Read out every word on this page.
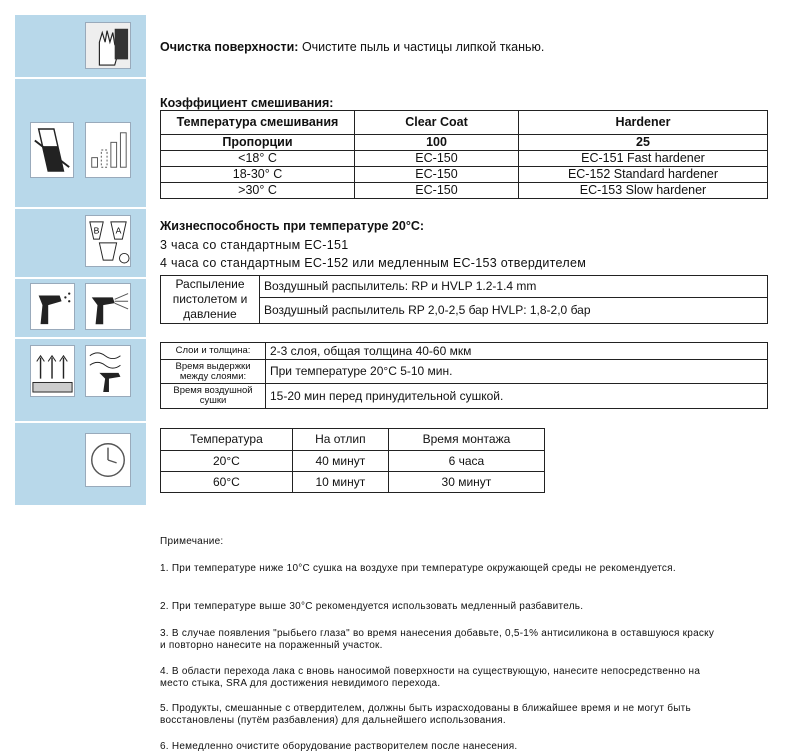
B A
Очистка поверхности: Очистите пыль и частицы липкой тканью.
Коэффициент смешивания:
Температура смешивания	Clear Coat	Hardener
Пропорции	100	25
<18° C	EC-150	EC-151 Fast hardener
18-30° C	EC-150	EC-152 Standard hardener
>30° C	EC-150	EC-153 Slow hardener
Жизнеспособность при температуре 20°C:
3 часа со стандартным EC-151
4 часа со стандартным EC-152 или медленным EC-153 отвердителем
Распыление пистолетом и давление	Воздушный распылитель: RP и HVLP 1.2-1.4 mm
Воздушный распылитель RP 2,0-2,5 бар HVLP: 1,8-2,0 бар
Слои и толщина:	2-3 слоя, общая толщина 40-60 мкм
Время выдержки между слоями:	При температуре 20°C 5-10 мин.
Время воздушной сушки	15-20 мин перед принудительной сушкой.
Температура	На отлип	Время монтажа
20°C	40 минут	6 часа
60°C	10 минут	30 минут
Примечание:
1. При температуре ниже 10°C сушка на воздухе при температуре окружающей среды не рекомендуется.
2. При температуре выше 30°C рекомендуется использовать медленный разбавитель.
3. В случае появления "рыбьего глаза" во время нанесения добавьте, 0,5-1% антисиликона в оставшуюся краску и повторно нанесите на пораженный участок.
4. В области перехода лака с вновь наносимой поверхности на существующую, нанесите непосредственно на место стыка, SRA для достижения невидимого перехода.
5. Продукты, смешанные с отвердителем, должны быть израсходованы в ближайшее время и не могут быть восстановлены (путём разбавления) для дальнейшего использования.
6. Немедленно очистите оборудование растворителем после нанесения.
